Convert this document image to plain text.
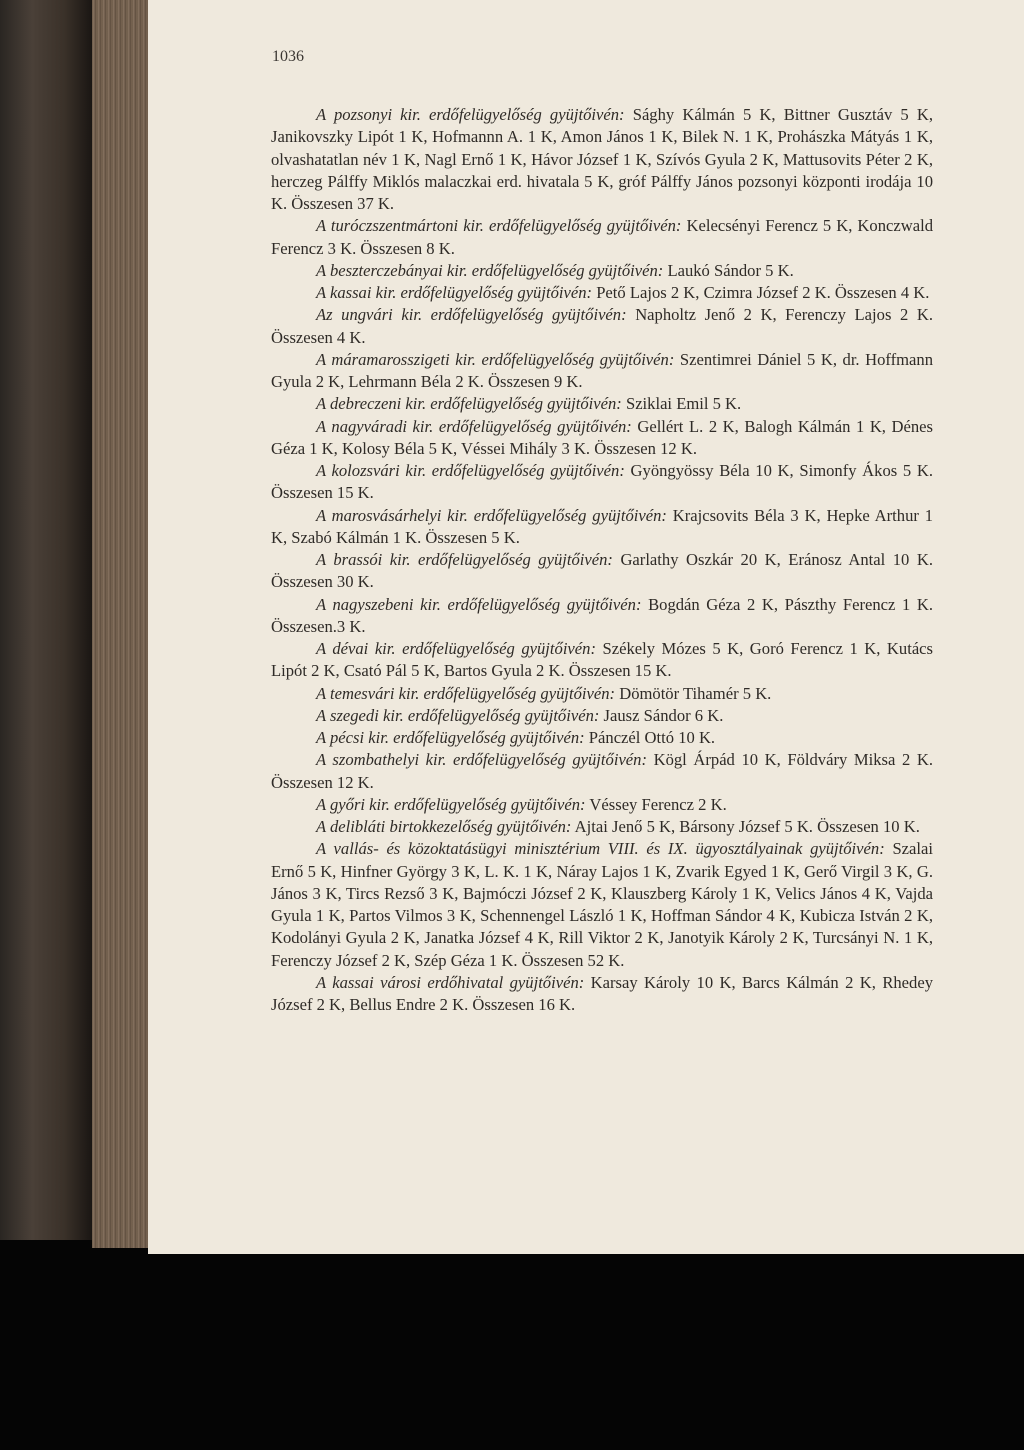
1036

A pozsonyi kir. erdőfelügyelőség gyüjtőivén: Sághy Kálmán 5 K, Bittner Gusztáv 5 K, Janikovszky Lipót 1 K, Hofmannn A. 1 K, Amon János 1 K, Bilek N. 1 K, Prohászka Mátyás 1 K, olvashatatlan név 1 K, Nagl Ernő 1 K, Hávor József 1 K, Szívós Gyula 2 K, Mattusovits Péter 2 K, herczeg Pálffy Miklós malaczkai erd. hivatala 5 K, gróf Pálffy János pozsonyi központi irodája 10 K. Összesen 37 K.

A turóczszentmártoni kir. erdőfelügyelőség gyüjtőivén: Kelecsényi Ferencz 5 K, Konczwald Ferencz 3 K. Összesen 8 K.

A beszterczebányai kir. erdőfelügyelőség gyüjtőivén: Laukó Sándor 5 K.

A kassai kir. erdőfelügyelőség gyüjtőivén: Pető Lajos 2 K, Czimra József 2 K. Összesen 4 K.

Az ungvári kir. erdőfelügyelőség gyüjtőivén: Napholtz Jenő 2 K, Ferenczy Lajos 2 K. Összesen 4 K.

A máramarosszigeti kir. erdőfelügyelőség gyüjtőivén: Szentimrei Dániel 5 K, dr. Hoffmann Gyula 2 K, Lehrmann Béla 2 K. Összesen 9 K.

A debreczeni kir. erdőfelügyelőség gyüjtőivén: Sziklai Emil 5 K.

A nagyváradi kir. erdőfelügyelőség gyüjtőivén: Gellért L. 2 K, Balogh Kálmán 1 K, Dénes Géza 1 K, Kolosy Béla 5 K, Véssei Mihály 3 K. Összesen 12 K.

A kolozsvári kir. erdőfelügyelőség gyüjtőivén: Gyöngyössy Béla 10 K, Simonfy Ákos 5 K. Összesen 15 K.

A marosvásárhelyi kir. erdőfelügyelőség gyüjtőivén: Krajcsovits Béla 3 K, Hepke Arthur 1 K, Szabó Kálmán 1 K. Összesen 5 K.

A brassói kir. erdőfelügyelőség gyüjtőivén: Garlathy Oszkár 20 K, Eránosz Antal 10 K. Összesen 30 K.

A nagyszebeni kir. erdőfelügyelőség gyüjtőivén: Bogdán Géza 2 K, Pászthy Ferencz 1 K. Összesen.3 K.

A dévai kir. erdőfelügyelőség gyüjtőivén: Székely Mózes 5 K, Goró Ferencz 1 K, Kutács Lipót 2 K, Csató Pál 5 K, Bartos Gyula 2 K. Összesen 15 K.

A temesvári kir. erdőfelügyelőség gyüjtőivén: Dömötör Tihamér 5 K.

A szegedi kir. erdőfelügyelőség gyüjtőivén: Jausz Sándor 6 K.

A pécsi kir. erdőfelügyelőség gyüjtőivén: Pánczél Ottó 10 K.

A szombathelyi kir. erdőfelügyelőség gyüjtőivén: Kögl Árpád 10 K, Földváry Miksa 2 K. Összesen 12 K.

A győri kir. erdőfelügyelőség gyüjtőivén: Véssey Ferencz 2 K.

A delibláti birtokkezelőség gyüjtőivén: Ajtai Jenő 5 K, Bársony József 5 K. Összesen 10 K.

A vallás- és közoktatásügyi minisztérium VIII. és IX. ügyosztályainak gyüjtőivén: Szalai Ernő 5 K, Hinfner György 3 K, L. K. 1 K, Náray Lajos 1 K, Zvarik Egyed 1 K, Gerő Virgil 3 K, G. János 3 K, Tircs Rezső 3 K, Bajmóczi József 2 K, Klauszberg Károly 1 K, Velics János 4 K, Vajda Gyula 1 K, Partos Vilmos 3 K, Schennengel László 1 K, Hoffman Sándor 4 K, Kubicza István 2 K, Kodolányi Gyula 2 K, Janatka József 4 K, Rill Viktor 2 K, Janotyik Károly 2 K, Turcsányi N. 1 K, Ferenczy József 2 K, Szép Géza 1 K. Összesen 52 K.

A kassai városi erdőhivatal gyüjtőivén: Karsay Károly 10 K, Barcs Kálmán 2 K, Rhedey József 2 K, Bellus Endre 2 K. Összesen 16 K.
